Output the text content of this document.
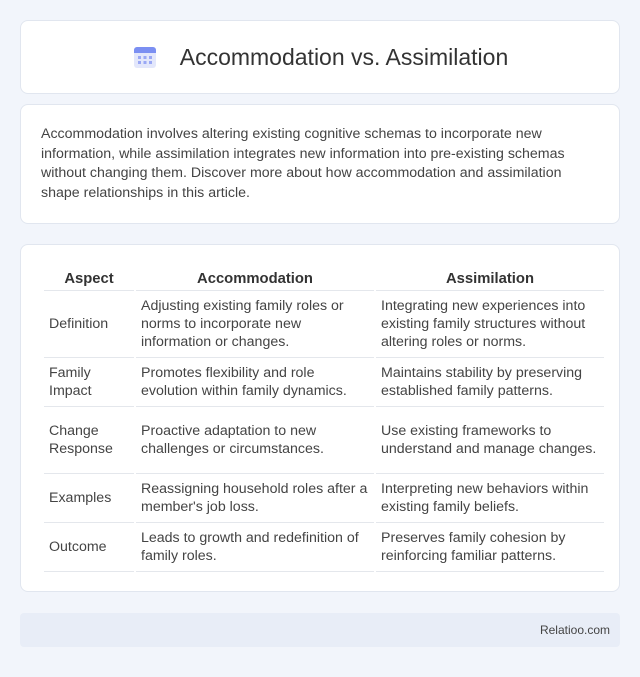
Accommodation vs. Assimilation

Accommodation involves altering existing cognitive schemas to incorporate new information, while assimilation integrates new information into pre-existing schemas without changing them. Discover more about how accommodation and assimilation shape relationships in this article.

Aspect	Accommodation	Assimilation
Definition	Adjusting existing family roles or norms to incorporate new information or changes.	Integrating new experiences into existing family structures without altering roles or norms.
Family Impact	Promotes flexibility and role evolution within family dynamics.	Maintains stability by preserving established family patterns.
Change Response	Proactive adaptation to new challenges or circumstances.	Use existing frameworks to understand and manage changes.
Examples	Reassigning household roles after a member's job loss.	Interpreting new behaviors within existing family beliefs.
Outcome	Leads to growth and redefinition of family roles.	Preserves family cohesion by reinforcing familiar patterns.
Relatioo.com
